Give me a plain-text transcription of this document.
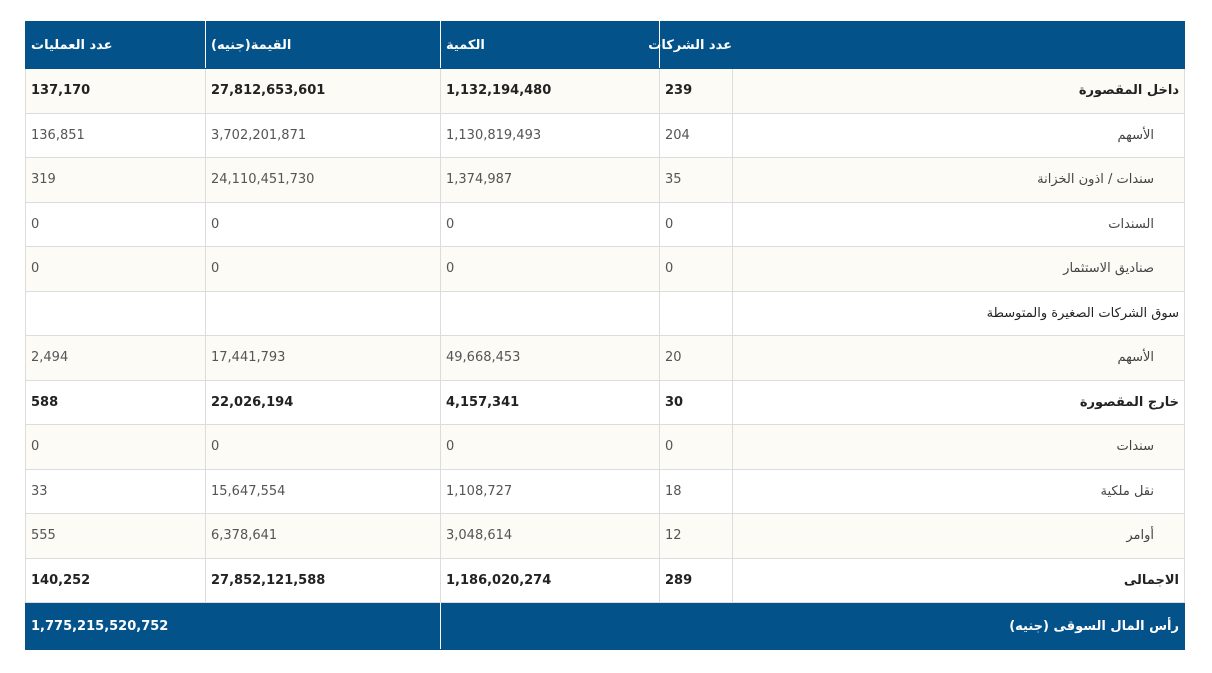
	عدد الشركات	الكمية	القيمة(جنيه)	عدد العمليات
داخل المقصورة	239	1,132,194,480	27,812,653,601	137,170
الأسهم	204	1,130,819,493	3,702,201,871	136,851
سندات / اذون الخزانة	35	1,374,987	24,110,451,730	319
السندات	0	0	0	0
صناديق الاستثمار	0	0	0	0
سوق الشركات الصغيرة والمتوسطة				
الأسهم	20	49,668,453	17,441,793	2,494
خارج المقصورة	30	4,157,341	22,026,194	588
سندات	0	0	0	0
نقل ملكية	18	1,108,727	15,647,554	33
أوامر	12	3,048,614	6,378,641	555
الاجمالى	289	1,186,020,274	27,852,121,588	140,252
رأس المال السوقى (جنيه)			1,775,215,520,752	
